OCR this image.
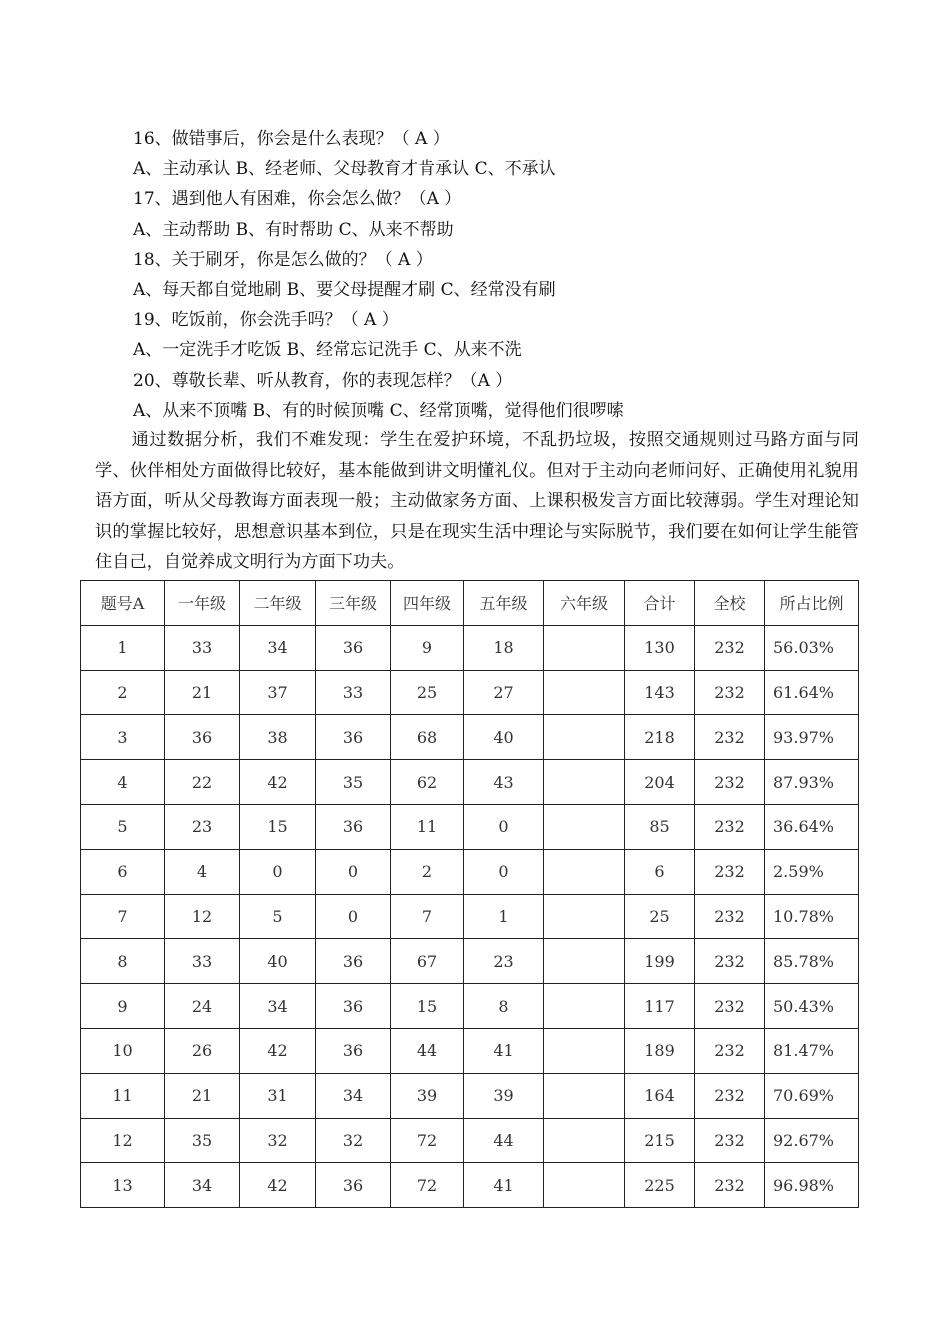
16、做错事后，你会是什么表现？（ A ）
A、主动承认 B、经老师、父母教育才肯承认 C、不承认
17、遇到他人有困难，你会怎么做？（A ）
A、主动帮助 B、有时帮助 C、从来不帮助
18、关于刷牙，你是怎么做的？（ A ）
A、每天都自觉地刷 B、要父母提醒才刷 C、经常没有刷
19、吃饭前，你会洗手吗？（ A ）
A、一定洗手才吃饭 B、经常忘记洗手 C、从来不洗
20、尊敬长辈、听从教育，你的表现怎样？（A ）
A、从来不顶嘴 B、有的时候顶嘴 C、经常顶嘴，觉得他们很啰嗦
通过数据分析，我们不难发现：学生在爱护环境，不乱扔垃圾，按照交通规则过马路方面与同学、伙伴相处方面做得比较好，基本能做到讲文明懂礼仪。但对于主动向老师问好、正确使用礼貌用语方面，听从父母教诲方面表现一般；主动做家务方面、上课积极发言方面比较薄弱。学生对理论知识的掌握比较好，思想意识基本到位，只是在现实生活中理论与实际脱节，我们要在如何让学生能管住自己，自觉养成文明行为方面下功夫。
题号A	一年级	二年级	三年级	四年级	五年级	六年级	合计	全校	所占比例
1	33	34	36	9	18		130	232	56.03%
2	21	37	33	25	27		143	232	61.64%
3	36	38	36	68	40		218	232	93.97%
4	22	42	35	62	43		204	232	87.93%
5	23	15	36	11	0		85	232	36.64%
6	4	0	0	2	0		6	232	2.59%
7	12	5	0	7	1		25	232	10.78%
8	33	40	36	67	23		199	232	85.78%
9	24	34	36	15	8		117	232	50.43%
10	26	42	36	44	41		189	232	81.47%
11	21	31	34	39	39		164	232	70.69%
12	35	32	32	72	44		215	232	92.67%
13	34	42	36	72	41		225	232	96.98%
